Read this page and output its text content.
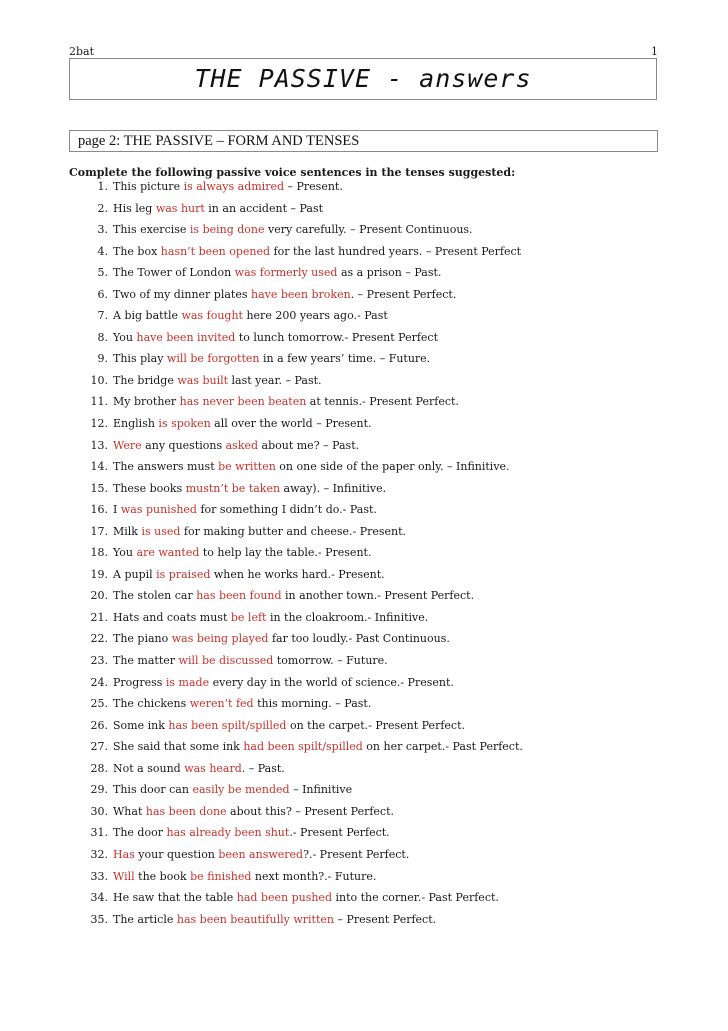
2bat	1
THE PASSIVE - answers
page 2: THE PASSIVE – FORM AND TENSES
Complete the following passive voice sentences in the tenses suggested:
1. This picture is always admired – Present.
2. His leg was hurt in an accident – Past
3. This exercise is being done very carefully. – Present Continuous.
4. The box hasn’t been opened for the last hundred years. – Present Perfect
5. The Tower of London was formerly used as a prison – Past.
6. Two of my dinner plates have been broken. – Present Perfect.
7. A big battle was fought here 200 years ago.- Past
8. You have been invited to lunch tomorrow.- Present Perfect
9. This play will be forgotten in a few years’ time. – Future.
10. The bridge was built last year. – Past.
11. My brother has never been beaten at tennis.- Present Perfect.
12. English is spoken all over the world – Present.
13. Were any questions asked about me? – Past.
14. The answers must be written on one side of the paper only. – Infinitive.
15. These books mustn’t be taken away). – Infinitive.
16. I was punished for something I didn’t do.- Past.
17. Milk is used for making butter and cheese.- Present.
18. You are wanted to help lay the table.- Present.
19. A pupil is praised when he works hard.- Present.
20. The stolen car has been found in another town.- Present Perfect.
21. Hats and coats must be left in the cloakroom.- Infinitive.
22. The piano was being played far too loudly.- Past Continuous.
23. The matter will be discussed tomorrow. – Future.
24. Progress is made every day in the world of science.- Present.
25. The chickens weren’t fed this morning. – Past.
26. Some ink has been spilt/spilled on the carpet.- Present Perfect.
27. She said that some ink had been spilt/spilled on her carpet.- Past Perfect.
28. Not a sound was heard. – Past.
29. This door can easily be mended – Infinitive
30. What has been done about this? – Present Perfect.
31. The door has already been shut.- Present Perfect.
32. Has your question been answered?.- Present Perfect.
33. Will the book be finished next month?.- Future.
34. He saw that the table had been pushed into the corner.- Past Perfect.
35. The article has been beautifully written – Present Perfect.
